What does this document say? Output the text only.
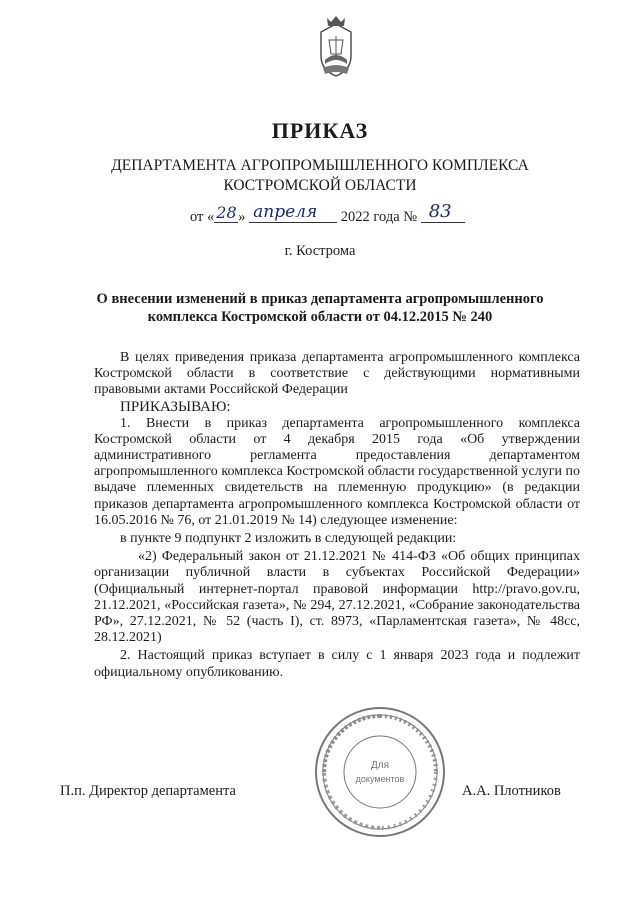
ПРИКАЗ
ДЕПАРТАМЕНТА АГРОПРОМЫШЛЕННОГО КОМПЛЕКСА
КОСТРОМСКОЙ ОБЛАСТИ
от « 28 » апреля 2022 года № 83
г. Кострома
О внесении изменений в приказ департамента агропромышленного
комплекса Костромской области от 04.12.2015 № 240

В целях приведения приказа департамента агропромышленного комплекса Костромской области в соответствие с действующими нормативными правовыми актами Российской Федерации

ПРИКАЗЫВАЮ:

1. Внести в приказ департамента агропромышленного комплекса Костромской области от 4 декабря 2015 года «Об утверждении административного регламента предоставления департаментом агропромышленного комплекса Костромской области государственной услуги по выдаче племенных свидетельств на племенную продукцию» (в редакции приказов департамента агропромышленного комплекса Костромской области от 16.05.2016 № 76, от 21.01.2019 № 14) следующее изменение:

в пункте 9 подпункт 2 изложить в следующей редакции:

«2) Федеральный закон от 21.12.2021 № 414-ФЗ «Об общих принципах организации публичной власти в субъектах Российской Федерации» (Официальный интернет-портал правовой информации http://pravo.gov.ru, 21.12.2021, «Российская газета», № 294, 27.12.2021, «Собрание законодательства РФ», 27.12.2021, № 52 (часть I), ст. 8973, «Парламентская газета», № 48сс, 28.12.2021)

2. Настоящий приказ вступает в силу с 1 января 2023 года и подлежит официальному опубликованию.

Для
документов
П.п. Директор департамента	А.А. Плотников
